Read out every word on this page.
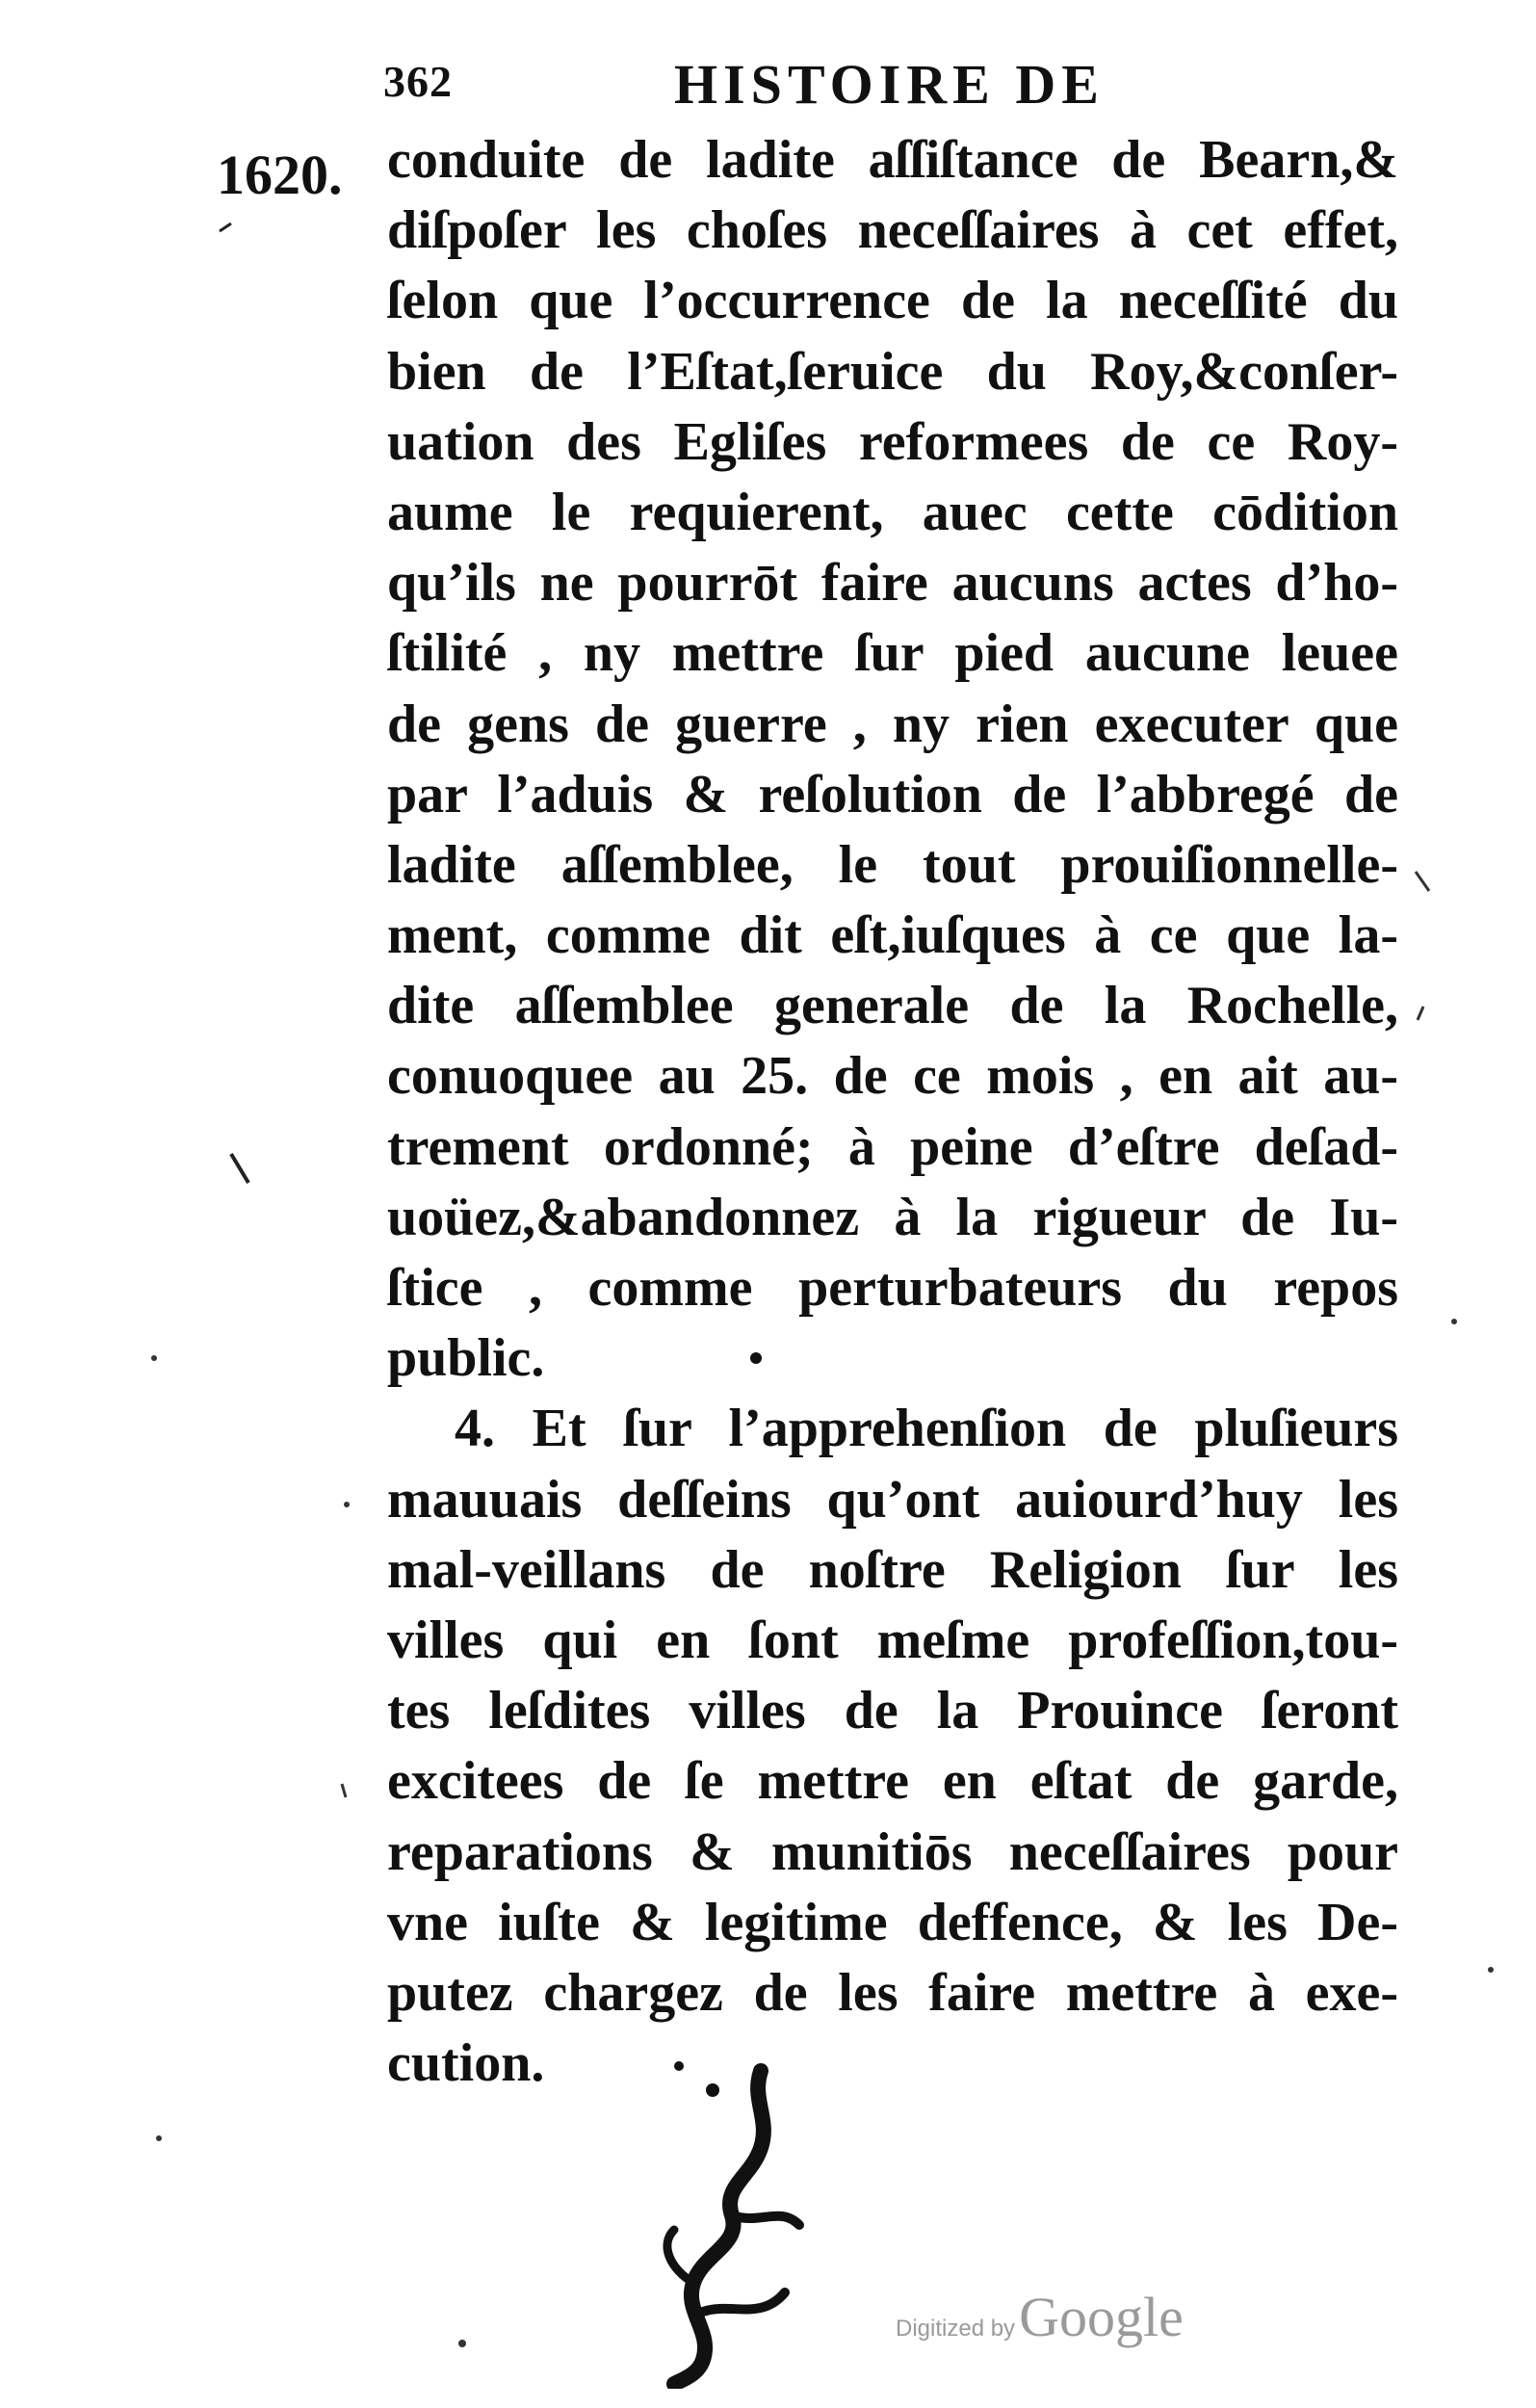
362	HISTOIRE DE
1620. conduite de ladite aſſiſtance de Bearn,&
diſpoſer les choſes neceſſaires à cet effet,
ſelon que l’occurrence de la neceſſité du
bien de l’Eſtat,ſeruice du Roy,&conſer-
uation des Egliſes reformees de ce Roy-
aume le requierent, auec cette cōdition
qu’ils ne pourrōt faire aucuns actes d’ho-
ſtilité , ny mettre ſur pied aucune leuee
de gens de guerre , ny rien executer que
par l’aduis & reſolution de l’abbregé de
ladite aſſemblee, le tout prouiſionnelle-
ment, comme dit eſt,iuſques à ce que la-
dite aſſemblee generale de la Rochelle,
conuoquee au 25. de ce mois , en ait au-
trement ordonné; à peine d’eſtre deſad-
uoüez,&abandonnez à la rigueur de Iu-
ſtice , comme perturbateurs du repos
public.
4. Et ſur l’apprehenſion de pluſieurs
mauuais deſſeins qu’ont auiourd’huy les
mal-veillans de noſtre Religion ſur les
villes qui en ſont meſme profeſſion,tou-
tes leſdites villes de la Prouince ſeront
excitees de ſe mettre en eſtat de garde,
reparations & munitiōs neceſſaires pour
vne iuſte & legitime deffence, & les De-
putez chargez de les faire mettre à exe-
cution.
Digitized by Google
